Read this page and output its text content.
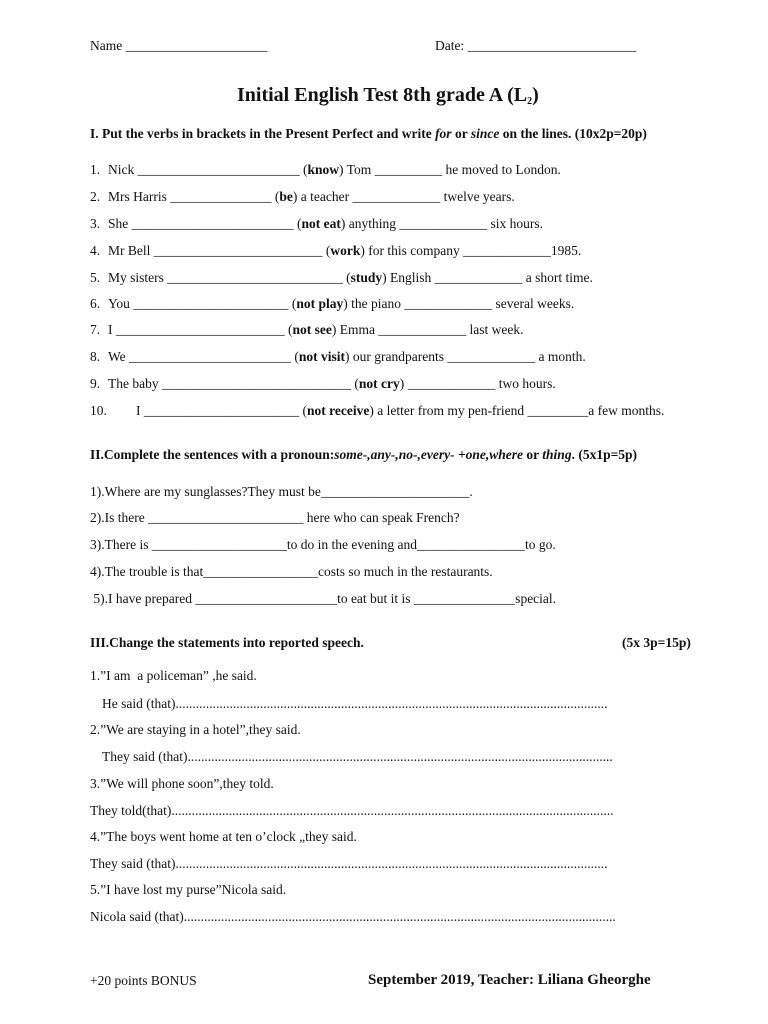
Name _____________________	Date: _________________________
Initial English Test 8th grade A $(L_2)$
I. Put the verbs in brackets in the Present Perfect and write for or since on the lines. (10x2p=20p)
1. Nick ________________________ (know) Tom __________ he moved to London.
2. Mrs Harris _______________ (be) a teacher _____________ twelve years.
3. She ________________________ (not eat) anything _____________ six hours.
4. Mr Bell _________________________ (work) for this company _____________1985.
5. My sisters __________________________ (study) English _____________ a short time.
6. You _______________________ (not play) the piano _____________ several weeks.
7. I _________________________ (not see) Emma _____________ last week.
8. We ________________________ (not visit) our grandparents _____________ a month.
9. The baby ____________________________ (not cry) _____________ two hours.
10. I _______________________ (not receive) a letter from my pen-friend _________a few months.
II.Complete the sentences with a pronoun:some-,any-,no-,every- +one,where or thing. (5x1p=5p)
1).Where are my sunglasses?They must be______________________.
2).Is there _______________________ here who can speak French?
3).There is ____________________to do in the evening and________________to go.
4).The trouble is that_________________costs so much in the restaurants.
5).I have prepared _____________________to eat but it is _______________special.
III.Change the statements into reported speech.	(5x 3p=15p)
1.”I am  a policeman” ,he said.
He said (that)................................................................................................................................
2.”We are staying in a hotel”,they said.
They said (that)..............................................................................................................................
3.”We will phone soon”,they told.
They told(that)...................................................................................................................................
4.”The boys went home at ten o’clock „they said.
They said (that)................................................................................................................................
5.”I have lost my purse”Nicola said.
Nicola said (that)................................................................................................................................
+20 points BONUS	September 2019, Teacher: Liliana Gheorghe
